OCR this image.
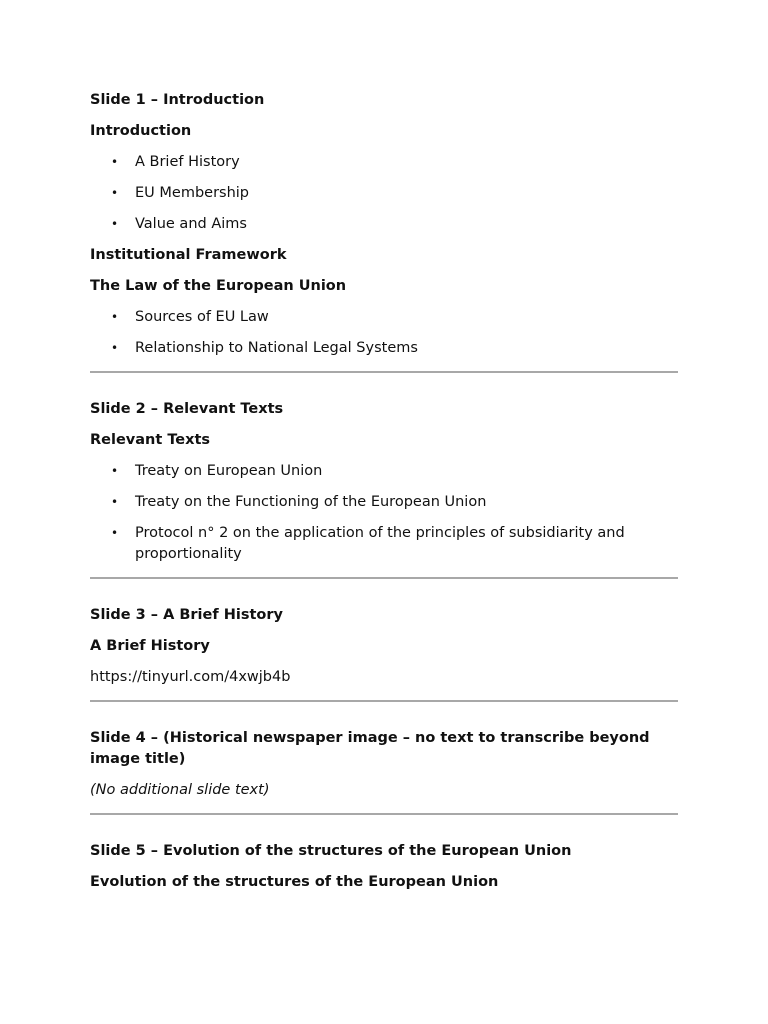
Slide 1 – Introduction
Introduction
• A Brief History
• EU Membership
• Value and Aims
Institutional Framework
The Law of the European Union
• Sources of EU Law
• Relationship to National Legal Systems
Slide 2 – Relevant Texts
Relevant Texts
• Treaty on European Union
• Treaty on the Functioning of the European Union
• Protocol n° 2 on the application of the principles of subsidiarity and proportionality
Slide 3 – A Brief History
A Brief History
https://tinyurl.com/4xwjb4b
Slide 4 – (Historical newspaper image – no text to transcribe beyond image title)
(No additional slide text)
Slide 5 – Evolution of the structures of the European Union
Evolution of the structures of the European Union
